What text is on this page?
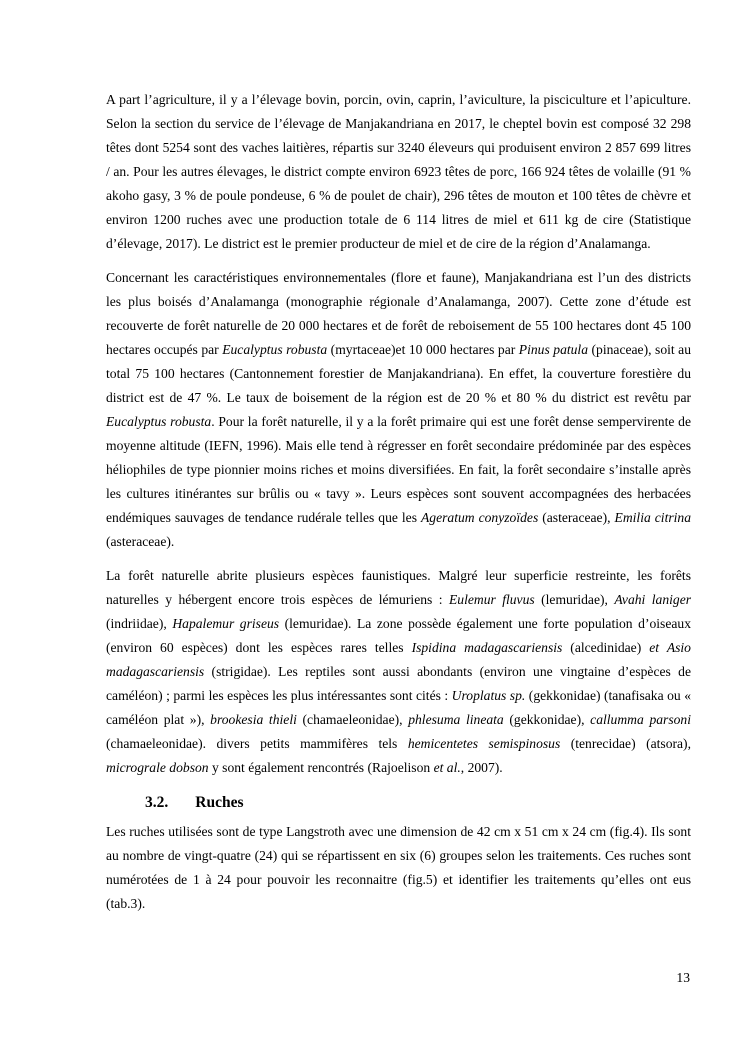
A part l’agriculture, il y a l’élevage bovin, porcin, ovin, caprin, l’aviculture, la pisciculture et l’apiculture. Selon la section du service de l’élevage de Manjakandriana en 2017, le cheptel bovin est composé 32 298 têtes dont 5254 sont des vaches laitières, répartis sur 3240 éleveurs qui produisent environ 2 857 699 litres / an. Pour les autres élevages, le district compte environ 6923 têtes de porc, 166 924 têtes de volaille (91 % akoho gasy, 3 % de poule pondeuse, 6 % de poulet de chair), 296 têtes de mouton et 100 têtes de chèvre et environ 1200 ruches avec une production totale de 6 114 litres de miel et 611 kg de cire (Statistique d’élevage, 2017). Le district est le premier producteur de miel et de cire de la région d’Analamanga.

Concernant les caractéristiques environnementales (flore et faune), Manjakandriana est l’un des districts les plus boisés d’Analamanga (monographie régionale d’Analamanga, 2007). Cette zone d’étude est recouverte de forêt naturelle de 20 000 hectares et de forêt de reboisement de 55 100 hectares dont 45 100 hectares occupés par Eucalyptus robusta (myrtaceae)et 10 000 hectares par Pinus patula (pinaceae), soit au total 75 100 hectares (Cantonnement forestier de Manjakandriana). En effet, la couverture forestière du district est de 47 %. Le taux de boisement de la région est de 20 % et 80 % du district est revêtu par Eucalyptus robusta. Pour la forêt naturelle, il y a la forêt primaire qui est une forêt dense sempervirente de moyenne altitude (IEFN, 1996). Mais elle tend à régresser en forêt secondaire prédominée par des espèces héliophiles de type pionnier moins riches et moins diversifiées. En fait, la forêt secondaire s’installe après les cultures itinérantes sur brûlis ou « tavy ». Leurs espèces sont souvent accompagnées des herbacées endémiques sauvages de tendance rudérale telles que les Ageratum conyzoïdes (asteraceae), Emilia citrina (asteraceae).

La forêt naturelle abrite plusieurs espèces faunistiques. Malgré leur superficie restreinte, les forêts naturelles y hébergent encore trois espèces de lémuriens : Eulemur fluvus (lemuridae), Avahi laniger (indriidae), Hapalemur griseus (lemuridae). La zone possède également une forte population d’oiseaux (environ 60 espèces) dont les espèces rares telles Ispidina madagascariensis (alcedinidae) et Asio madagascariensis (strigidae). Les reptiles sont aussi abondants (environ une vingtaine d’espèces de caméléon) ; parmi les espèces les plus intéressantes sont cités : Uroplatus sp. (gekkonidae) (tanafisaka ou « caméléon plat »), brookesia thieli (chamaeleonidae), phlesuma lineata (gekkonidae), callumma parsoni (chamaeleonidae). divers petits mammifères tels hemicentetes semispinosus (tenrecidae) (atsora), micrograle dobson y sont également rencontrés (Rajoelison et al., 2007).

3.2. Ruches

Les ruches utilisées sont de type Langstroth avec une dimension de 42 cm x 51 cm x 24 cm (fig.4). Ils sont au nombre de vingt-quatre (24) qui se répartissent en six (6) groupes selon les traitements. Ces ruches sont numérotées de 1 à 24 pour pouvoir les reconnaitre (fig.5) et identifier les traitements qu’elles ont eus (tab.3).

13
